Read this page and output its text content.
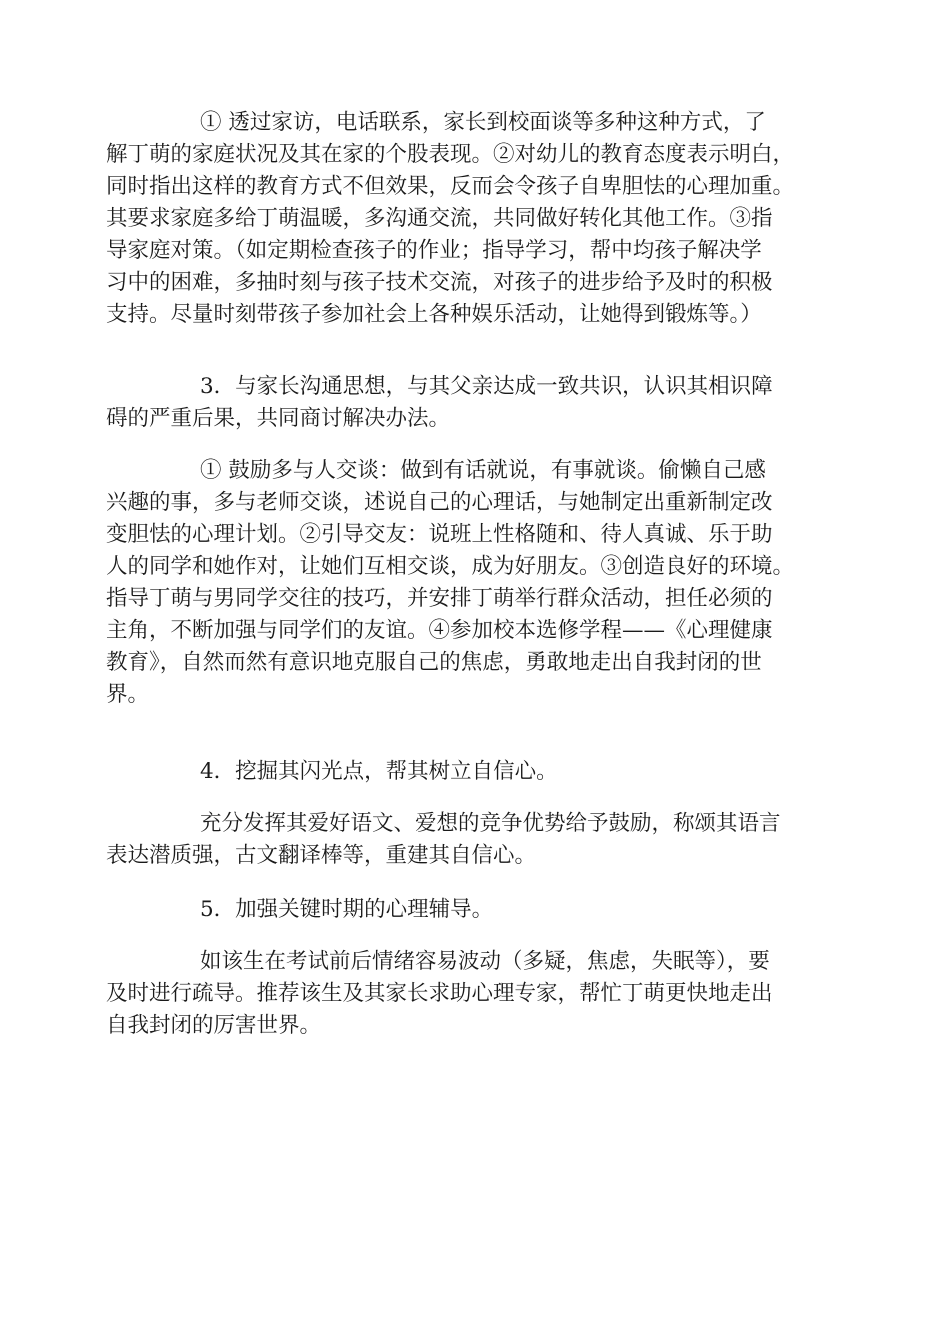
① 透过家访，电话联系，家长到校面谈等多种这种方式，了
解丁萌的家庭状况及其在家的个股表现。②对幼儿的教育态度表示明白，
同时指出这样的教育方式不但效果，反而会令孩子自卑胆怯的心理加重。
其要求家庭多给丁萌温暖，多沟通交流，共同做好转化其他工作。③指
导家庭对策。（如定期检查孩子的作业；指导学习，帮中均孩子解决学
习中的困难，多抽时刻与孩子技术交流，对孩子的进步给予及时的积极
支持。尽量时刻带孩子参加社会上各种娱乐活动，让她得到锻炼等。）
3．与家长沟通思想，与其父亲达成一致共识，认识其相识障
碍的严重后果，共同商讨解决办法。
① 鼓励多与人交谈：做到有话就说，有事就谈。偷懒自己感
兴趣的事，多与老师交谈，述说自己的心理话，与她制定出重新制定改
变胆怯的心理计划。②引导交友：说班上性格随和、待人真诚、乐于助
人的同学和她作对，让她们互相交谈，成为好朋友。③创造良好的环境。
指导丁萌与男同学交往的技巧，并安排丁萌举行群众活动，担任必须的
主角，不断加强与同学们的友谊。④参加校本选修学程——《心理健康
教育》，自然而然有意识地克服自己的焦虑，勇敢地走出自我封闭的世
界。
4．挖掘其闪光点，帮其树立自信心。
充分发挥其爱好语文、爱想的竞争优势给予鼓励，称颂其语言
表达潜质强，古文翻译棒等，重建其自信心。
5．加强关键时期的心理辅导。
如该生在考试前后情绪容易波动（多疑，焦虑，失眠等），要
及时进行疏导。推荐该生及其家长求助心理专家，帮忙丁萌更快地走出
自我封闭的厉害世界。
